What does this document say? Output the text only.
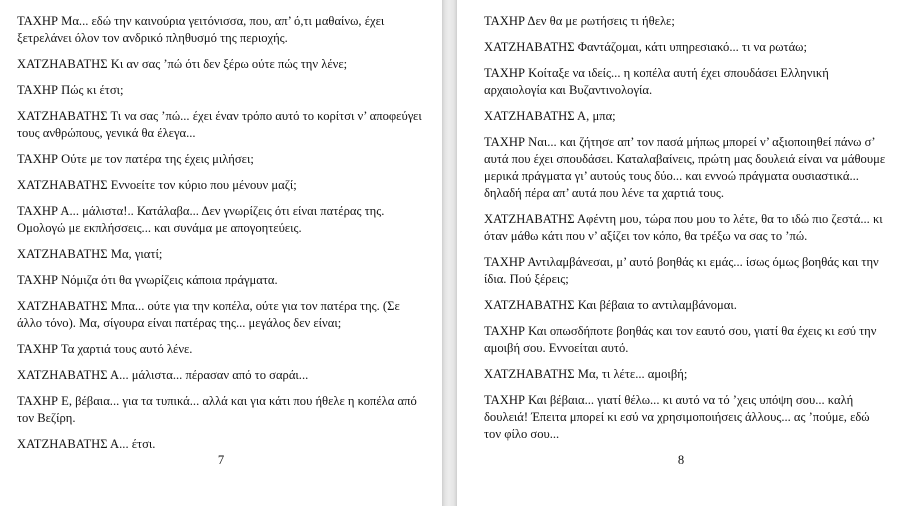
ΤΑΧΗΡ Μα... εδώ την καινούρια γειτόνισσα, που, απ’ ό,τι μαθαίνω, έχει ξετρελάνει όλον τον ανδρικό πληθυσμό της περιοχής.

ΧΑΤΖΗΑΒΑΤΗΣ Κι αν σας ’πώ ότι δεν ξέρω ούτε πώς την λένε;

ΤΑΧΗΡ Πώς κι έτσι;

ΧΑΤΖΗΑΒΑΤΗΣ Τι να σας ’πώ... έχει έναν τρόπο αυτό το κορίτσι ν’ αποφεύγει τους ανθρώπους, γενικά θα έλεγα...

ΤΑΧΗΡ Ούτε με τον πατέρα της έχεις μιλήσει;

ΧΑΤΖΗΑΒΑΤΗΣ Εννοείτε τον κύριο που μένουν μαζί;

ΤΑΧΗΡ Α... μάλιστα!.. Κατάλαβα... Δεν γνωρίζεις ότι είναι πατέρας της. Ομολογώ με εκπλήσσεις... και συνάμα με απογοητεύεις.

ΧΑΤΖΗΑΒΑΤΗΣ Μα, γιατί;

ΤΑΧΗΡ Νόμιζα ότι θα γνωρίζεις κάποια πράγματα.

ΧΑΤΖΗΑΒΑΤΗΣ Μπα... ούτε για την κοπέλα, ούτε για τον πατέρα της. (Σε άλλο τόνο). Μα, σίγουρα είναι πατέρας της... μεγάλος δεν είναι;

ΤΑΧΗΡ Τα χαρτιά τους αυτό λένε.

ΧΑΤΖΗΑΒΑΤΗΣ Α... μάλιστα... πέρασαν από το σαράι...

ΤΑΧΗΡ Ε, βέβαια... για τα τυπικά... αλλά και για κάτι που ήθελε η κοπέλα από τον Βεζίρη.

ΧΑΤΖΗΑΒΑΤΗΣ Α... έτσι.

7

ΤΑΧΗΡ Δεν θα με ρωτήσεις τι ήθελε;

ΧΑΤΖΗΑΒΑΤΗΣ Φαντάζομαι, κάτι υπηρεσιακό... τι να ρωτάω;

ΤΑΧΗΡ Κοίταξε να ιδείς... η κοπέλα αυτή έχει σπουδάσει Ελληνική αρχαιολογία και Βυζαντινολογία.

ΧΑΤΖΗΑΒΑΤΗΣ Α, μπα;

ΤΑΧΗΡ Ναι... και ζήτησε απ’ τον πασά μήπως μπορεί ν’ αξιοποιηθεί πάνω σ’ αυτά που έχει σπουδάσει. Καταλαβαίνεις, πρώτη μας δουλειά είναι να μάθουμε μερικά πράγματα γι’ αυτούς τους δύο... και εννοώ πράγματα ουσιαστικά... δηλαδή πέρα απ’ αυτά που λένε τα χαρτιά τους.

ΧΑΤΖΗΑΒΑΤΗΣ Αφέντη μου, τώρα που μου το λέτε, θα το ιδώ πιο ζεστά... κι όταν μάθω κάτι που ν’ αξίζει τον κόπο, θα τρέξω να σας το ’πώ.

ΤΑΧΗΡ Αντιλαμβάνεσαι, μ’ αυτό βοηθάς κι εμάς... ίσως όμως βοηθάς και την ίδια. Πού ξέρεις;

ΧΑΤΖΗΑΒΑΤΗΣ Και βέβαια το αντιλαμβάνομαι.

ΤΑΧΗΡ Και οπωσδήποτε βοηθάς και τον εαυτό σου, γιατί θα έχεις κι εσύ την αμοιβή σου. Εννοείται αυτό.

ΧΑΤΖΗΑΒΑΤΗΣ Μα, τι λέτε... αμοιβή;

ΤΑΧΗΡ Και βέβαια... γιατί θέλω... κι αυτό να τό ’χεις υπόψη σου... καλή δουλειά! Έπειτα μπορεί κι εσύ να χρησιμοποιήσεις άλλους... ας ’πούμε, εδώ τον φίλο σου...

8
